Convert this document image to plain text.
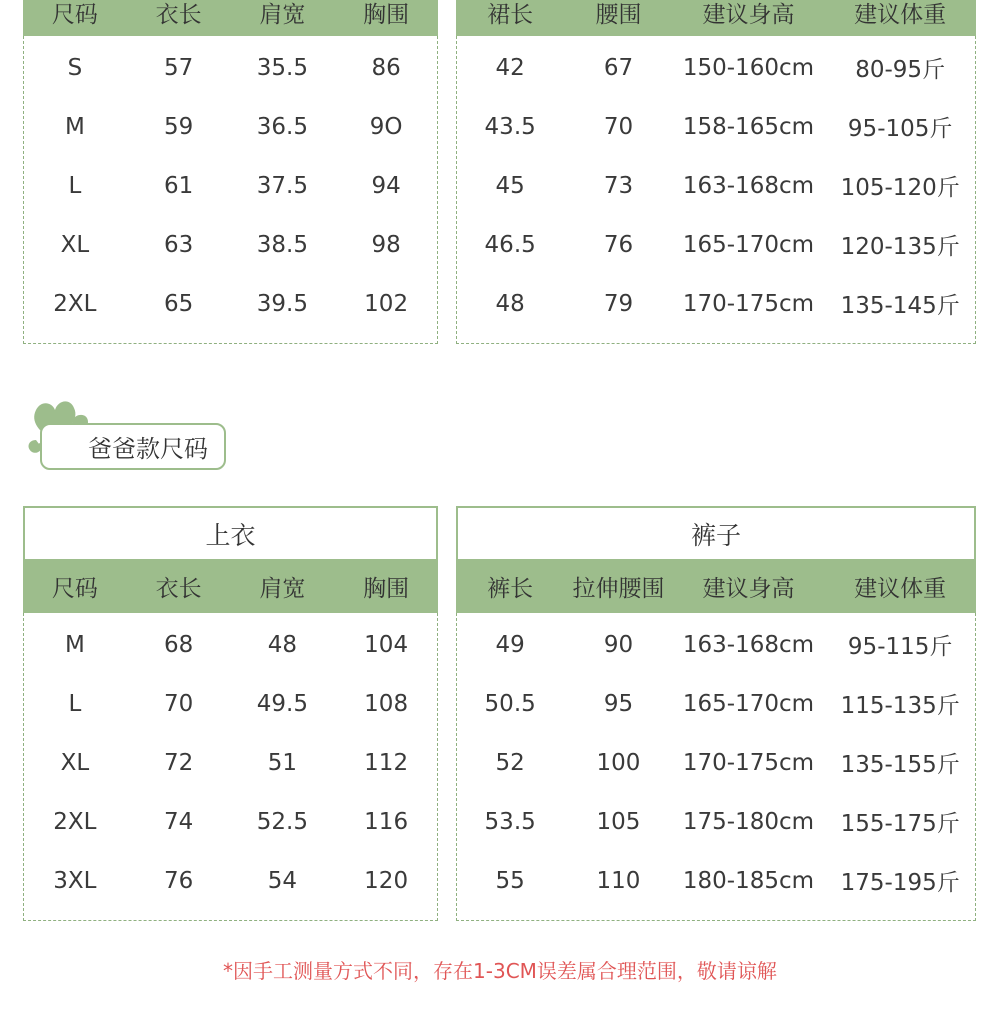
尺码	衣长	肩宽	胸围
S	57	35.5	86
M	59	36.5	9O
L	61	37.5	94
XL	63	38.5	98
2XL	65	39.5	102
裙长	腰围	建议身高	建议体重
42	67	150-160cm	80-95斤
43.5	70	158-165cm	95-105斤
45	73	163-168cm	105-120斤
46.5	76	165-170cm	120-135斤
48	79	170-175cm	135-145斤
爸爸款尺码
上衣
尺码	衣长	肩宽	胸围
M	68	48	104
L	70	49.5	108
XL	72	51	112
2XL	74	52.5	116
3XL	76	54	120
裤子
裤长	拉伸腰围	建议身高	建议体重
49	90	163-168cm	95-115斤
50.5	95	165-170cm	115-135斤
52	100	170-175cm	135-155斤
53.5	105	175-180cm	155-175斤
55	110	180-185cm	175-195斤
*因手工测量方式不同，存在1-3CM误差属合理范围，敬请谅解
